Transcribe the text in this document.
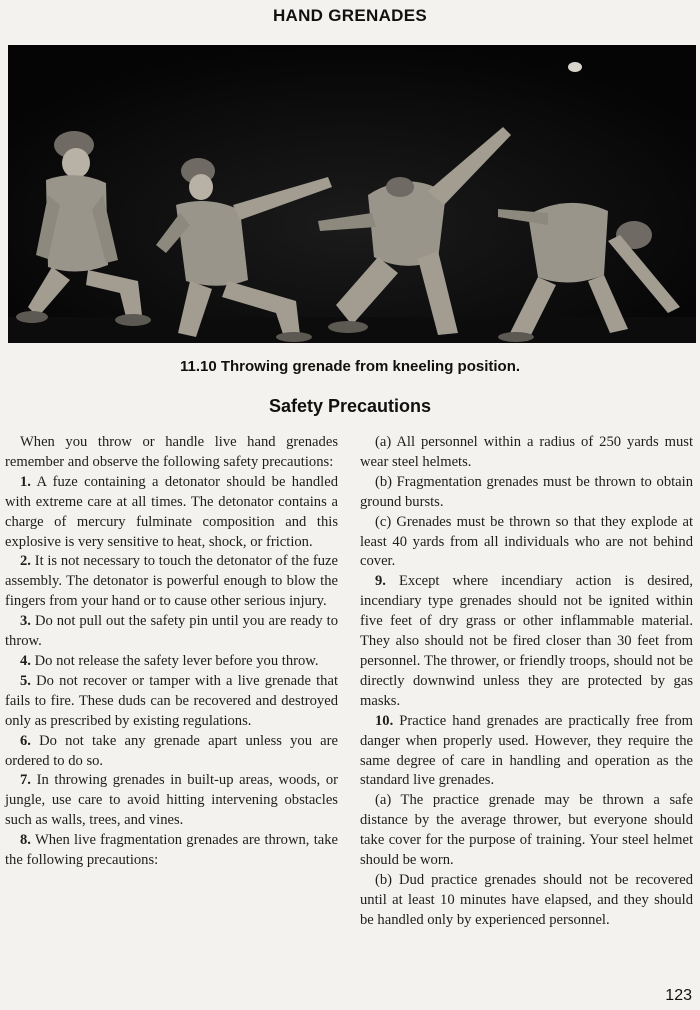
HAND GRENADES
11.10 Throwing grenade from kneeling position.
Safety Precautions

When you throw or handle live hand grenades remember and observe the following safety precautions:

1. A fuze containing a detonator should be handled with extreme care at all times. The detonator contains a charge of mercury fulminate composition and this explosive is very sensitive to heat, shock, or friction.

2. It is not necessary to touch the detonator of the fuze assembly. The detonator is powerful enough to blow the fingers from your hand or to cause other serious injury.

3. Do not pull out the safety pin until you are ready to throw.

4. Do not release the safety lever before you throw.

5. Do not recover or tamper with a live grenade that fails to fire. These duds can be recovered and destroyed only as prescribed by existing regulations.

6. Do not take any grenade apart unless you are ordered to do so.

7. In throwing grenades in built-up areas, woods, or jungle, use care to avoid hitting intervening obstacles such as walls, trees, and vines.

8. When live fragmentation grenades are thrown, take the following precautions:

(a) All personnel within a radius of 250 yards must wear steel helmets.

(b) Fragmentation grenades must be thrown to obtain ground bursts.

(c) Grenades must be thrown so that they explode at least 40 yards from all individuals who are not behind cover.

9. Except where incendiary action is desired, incendiary type grenades should not be ignited within five feet of dry grass or other inflammable material. They also should not be fired closer than 30 feet from personnel. The thrower, or friendly troops, should not be directly downwind unless they are protected by gas masks.

10. Practice hand grenades are practically free from danger when properly used. However, they require the same degree of care in handling and operation as the standard live grenades.

(a) The practice grenade may be thrown a safe distance by the average thrower, but everyone should take cover for the purpose of training. Your steel helmet should be worn.

(b) Dud practice grenades should not be recovered until at least 10 minutes have elapsed, and they should be handled only by experienced personnel.

123
